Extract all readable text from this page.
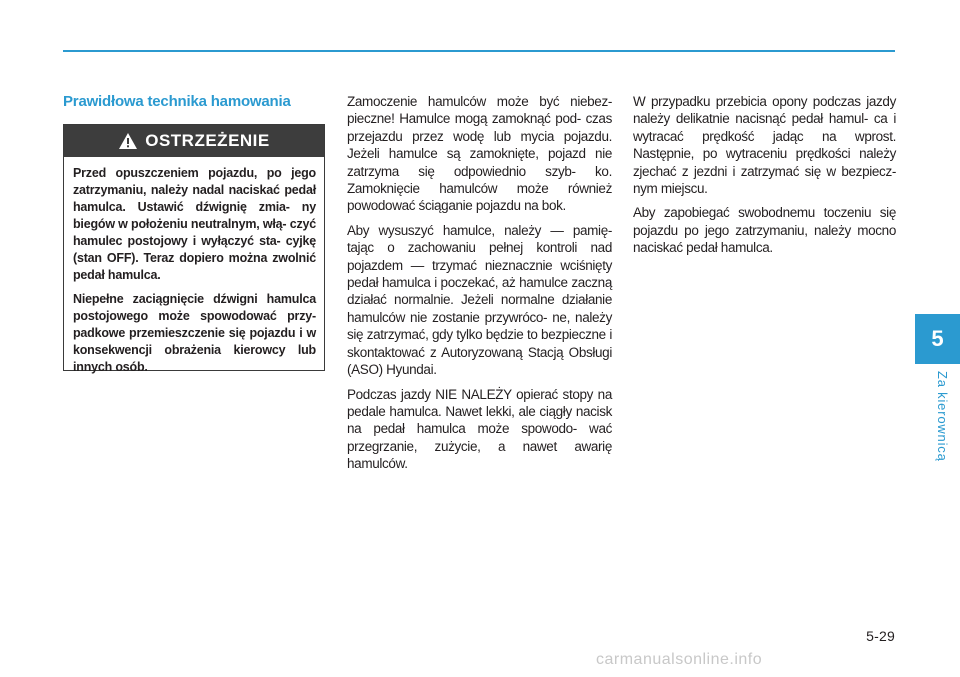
Prawidłowa technika hamowania
OSTRZEŻENIE

Przed opuszczeniem pojazdu, po jego zatrzymaniu, należy nadal naciskać pedał hamulca. Ustawić dźwignię zmia- ny biegów w położeniu neutralnym, włą- czyć hamulec postojowy i wyłączyć sta- cyjkę (stan OFF). Teraz dopiero można zwolnić pedał hamulca.

Niepełne zaciągnięcie dźwigni hamulca postojowego może spowodować przy- padkowe przemieszczenie się pojazdu i w konsekwencji obrażenia kierowcy lub innych osób.

Zamoczenie hamulców może być niebez- pieczne! Hamulce mogą zamoknąć pod- czas przejazdu przez wodę lub mycia pojazdu. Jeżeli hamulce są zamoknięte, pojazd nie zatrzyma się odpowiednio szyb- ko. Zamoknięcie hamulców może również powodować ściąganie pojazdu na bok.

Aby wysuszyć hamulce, należy — pamię- tając o zachowaniu pełnej kontroli nad pojazdem — trzymać nieznacznie wciśnięty pedał hamulca i poczekać, aż hamulce zaczną działać normalnie. Jeżeli normalne działanie hamulców nie zostanie przywróco- ne, należy się zatrzymać, gdy tylko będzie to bezpieczne i skontaktować z Autoryzowaną Stacją Obsługi (ASO) Hyundai.

Podczas jazdy NIE NALEŻY opierać stopy na pedale hamulca. Nawet lekki, ale ciągły nacisk na pedał hamulca może spowodo- wać przegrzanie, zużycie, a nawet awarię hamulców.

W przypadku przebicia opony podczas jazdy należy delikatnie nacisnąć pedał hamul- ca i wytracać prędkość jadąc na wprost. Następnie, po wytraceniu prędkości należy zjechać z jezdni i zatrzymać się w bezpiecz- nym miejscu.

Aby zapobiegać swobodnemu toczeniu się pojazdu po jego zatrzymaniu, należy mocno naciskać pedał hamulca.

5
Za kierownicą
5-29
carmanualsonline.info
